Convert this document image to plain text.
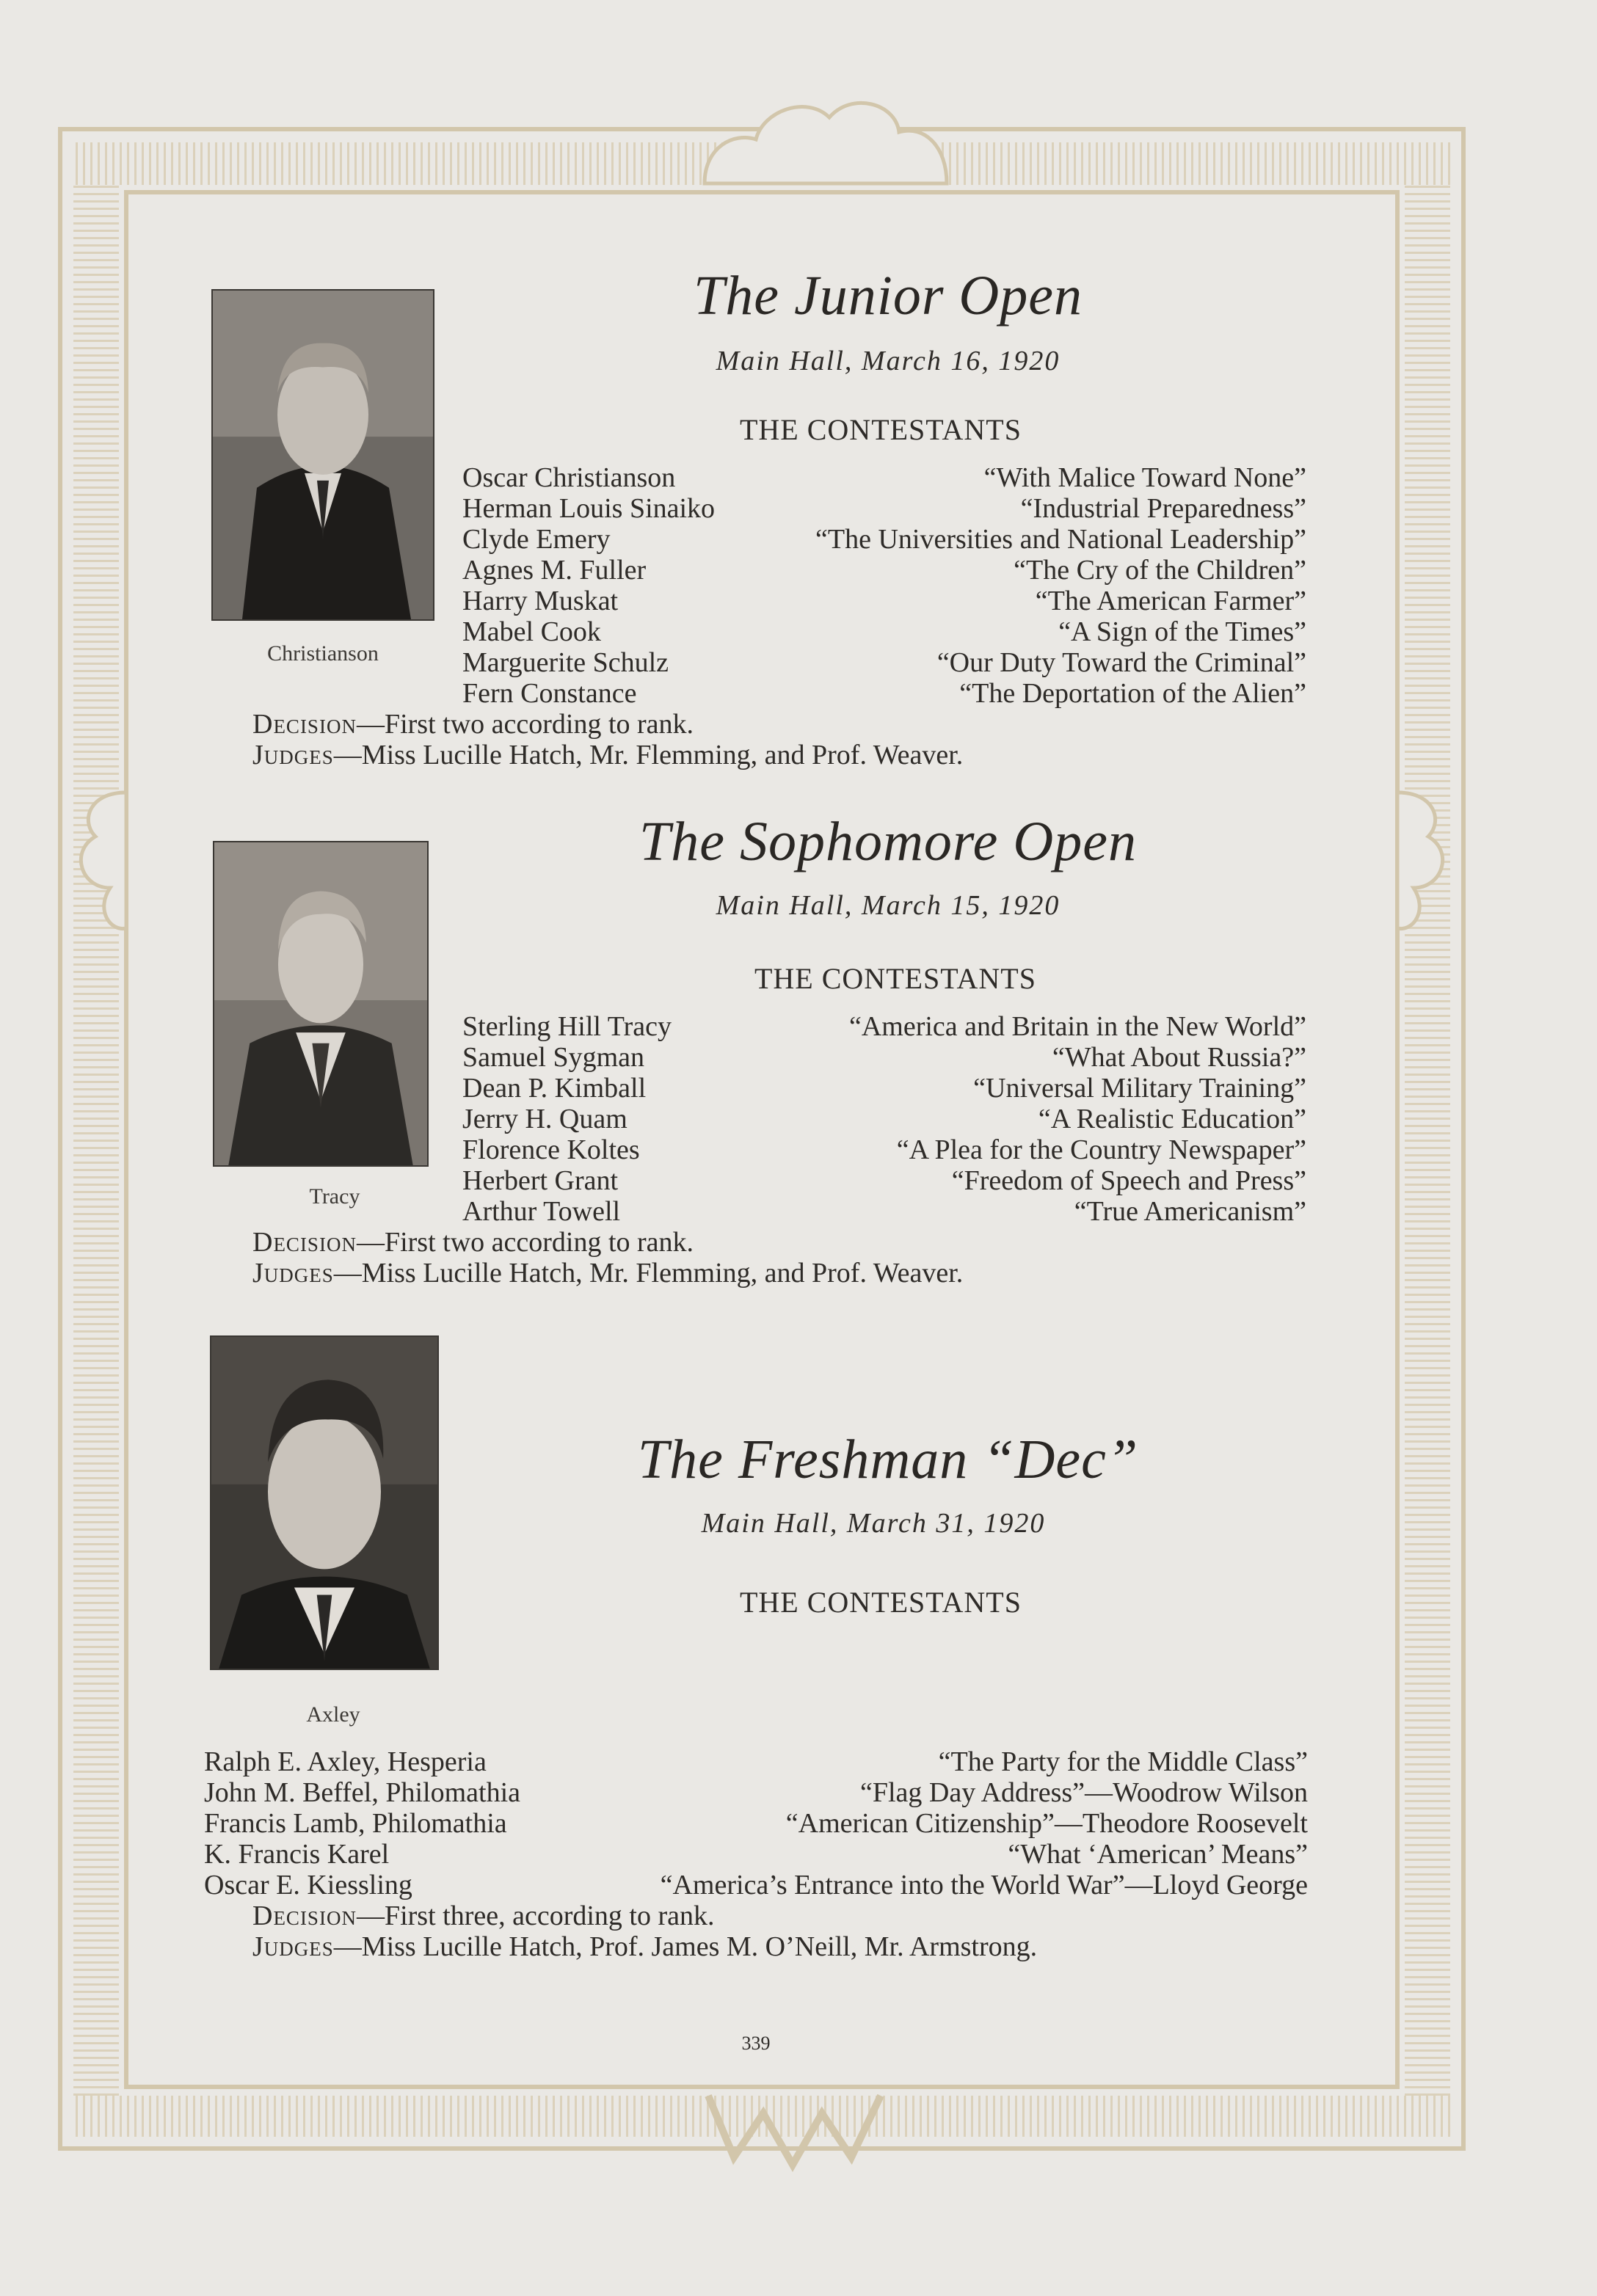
Christianson
The Junior Open
Main Hall, March 16, 1920
THE CONTESTANTS
Oscar Christianson	“With Malice Toward None”
Herman Louis Sinaiko	“Industrial Preparedness”
Clyde Emery	“The Universities and National Leadership”
Agnes M. Fuller	“The Cry of the Children”
Harry Muskat	“The American Farmer”
Mabel Cook	“A Sign of the Times”
Marguerite Schulz	“Our Duty Toward the Criminal”
Fern Constance	“The Deportation of the Alien”
Decision—First two according to rank.
Judges—Miss Lucille Hatch, Mr. Flemming, and Prof. Weaver.
Tracy
The Sophomore Open
Main Hall, March 15, 1920
THE CONTESTANTS
Sterling Hill Tracy	“America and Britain in the New World”
Samuel Sygman	“What About Russia?”
Dean P. Kimball	“Universal Military Training”
Jerry H. Quam	“A Realistic Education”
Florence Koltes	“A Plea for the Country Newspaper”
Herbert Grant	“Freedom of Speech and Press”
Arthur Towell	“True Americanism”
Decision—First two according to rank.
Judges—Miss Lucille Hatch, Mr. Flemming, and Prof. Weaver.
Axley
The Freshman “Dec”
Main Hall, March 31, 1920
THE CONTESTANTS
Ralph E. Axley, Hesperia	“The Party for the Middle Class”
John M. Beffel, Philomathia	“Flag Day Address”—Woodrow Wilson
Francis Lamb, Philomathia	“American Citizenship”—Theodore Roosevelt
K. Francis Karel	“What ‘American’ Means”
Oscar E. Kiessling	“America’s Entrance into the World War”—Lloyd George
Decision—First three, according to rank.
Judges—Miss Lucille Hatch, Prof. James M. O’Neill, Mr. Armstrong.
339
